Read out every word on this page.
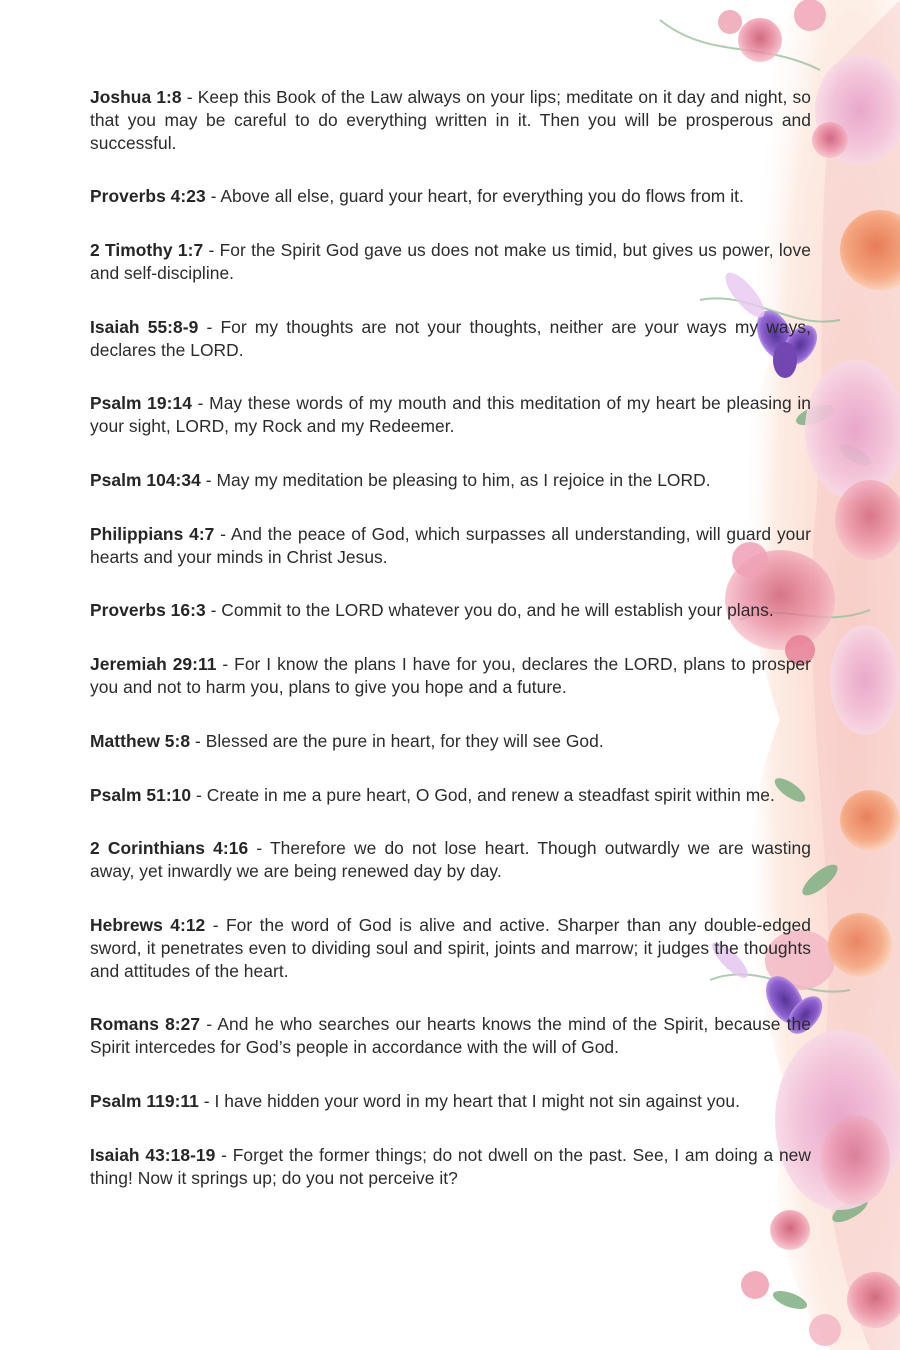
Joshua 1:8 - Keep this Book of the Law always on your lips; meditate on it day and night, so that you may be careful to do everything written in it. Then you will be prosperous and successful.

Proverbs 4:23 - Above all else, guard your heart, for everything you do flows from it.

2 Timothy 1:7 - For the Spirit God gave us does not make us timid, but gives us power, love and self-discipline.

Isaiah 55:8-9 - For my thoughts are not your thoughts, neither are your ways my ways, declares the LORD.

Psalm 19:14 - May these words of my mouth and this meditation of my heart be pleasing in your sight, LORD, my Rock and my Redeemer.

Psalm 104:34 - May my meditation be pleasing to him, as I rejoice in the LORD.

Philippians 4:7 - And the peace of God, which surpasses all understanding, will guard your hearts and your minds in Christ Jesus.

Proverbs 16:3 - Commit to the LORD whatever you do, and he will establish your plans.

Jeremiah 29:11 - For I know the plans I have for you, declares the LORD, plans to prosper you and not to harm you, plans to give you hope and a future.

Matthew 5:8 - Blessed are the pure in heart, for they will see God.

Psalm 51:10 - Create in me a pure heart, O God, and renew a steadfast spirit within me.

2 Corinthians 4:16 - Therefore we do not lose heart. Though outwardly we are wasting away, yet inwardly we are being renewed day by day.

Hebrews 4:12 - For the word of God is alive and active. Sharper than any double-edged sword, it penetrates even to dividing soul and spirit, joints and marrow; it judges the thoughts and attitudes of the heart.

Romans 8:27 - And he who searches our hearts knows the mind of the Spirit, because the Spirit intercedes for God’s people in accordance with the will of God.

Psalm 119:11 - I have hidden your word in my heart that I might not sin against you.

Isaiah 43:18-19 - Forget the former things; do not dwell on the past. See, I am doing a new thing! Now it springs up; do you not perceive it?
